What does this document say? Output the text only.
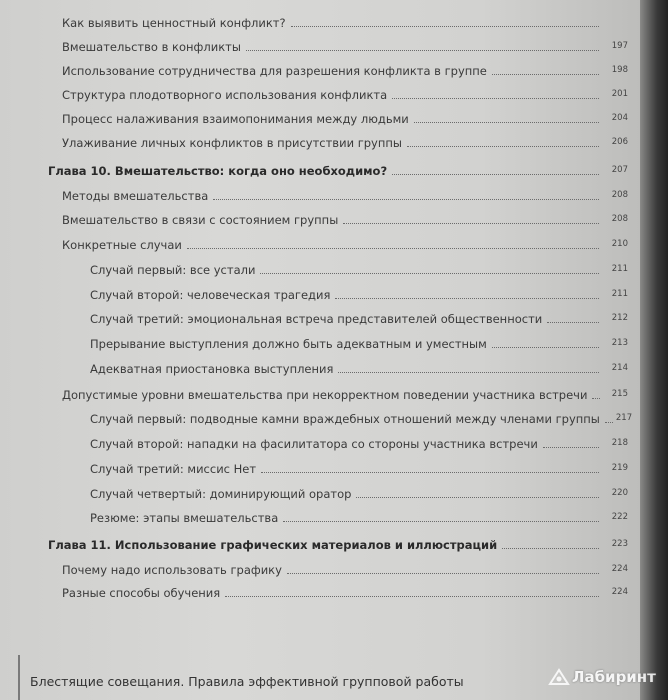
Как выявить ценностный конфликт?
Вмешательство в конфликты	197
Использование сотрудничества для разрешения конфликта в группе	198
Структура плодотворного использования конфликта	201
Процесс налаживания взаимопонимания между людьми	204
Улаживание личных конфликтов в присутствии группы	206
Глава 10. Вмешательство: когда оно необходимо?	207
Методы вмешательства	208
Вмешательство в связи с состоянием группы	208
Конкретные случаи	210
Случай первый: все устали	211
Случай второй: человеческая трагедия	211
Случай третий: эмоциональная встреча представителей общественности	212
Прерывание выступления должно быть адекватным и уместным	213
Адекватная приостановка выступления	214
Допустимые уровни вмешательства при некорректном поведении участника встречи	215
Случай первый: подводные камни враждебных отношений между членами группы 217
Случай второй: нападки на фасилитатора со стороны участника встречи	218
Случай третий: миссис Нет	219
Случай четвертый: доминирующий оратор	220
Резюме: этапы вмешательства	222
Глава 11. Использование графических материалов и иллюстраций	223
Почему надо использовать графику	224
Разные способы обучения	224
Блестящие совещания. Правила эффективной групповой работы	Лабиринт
